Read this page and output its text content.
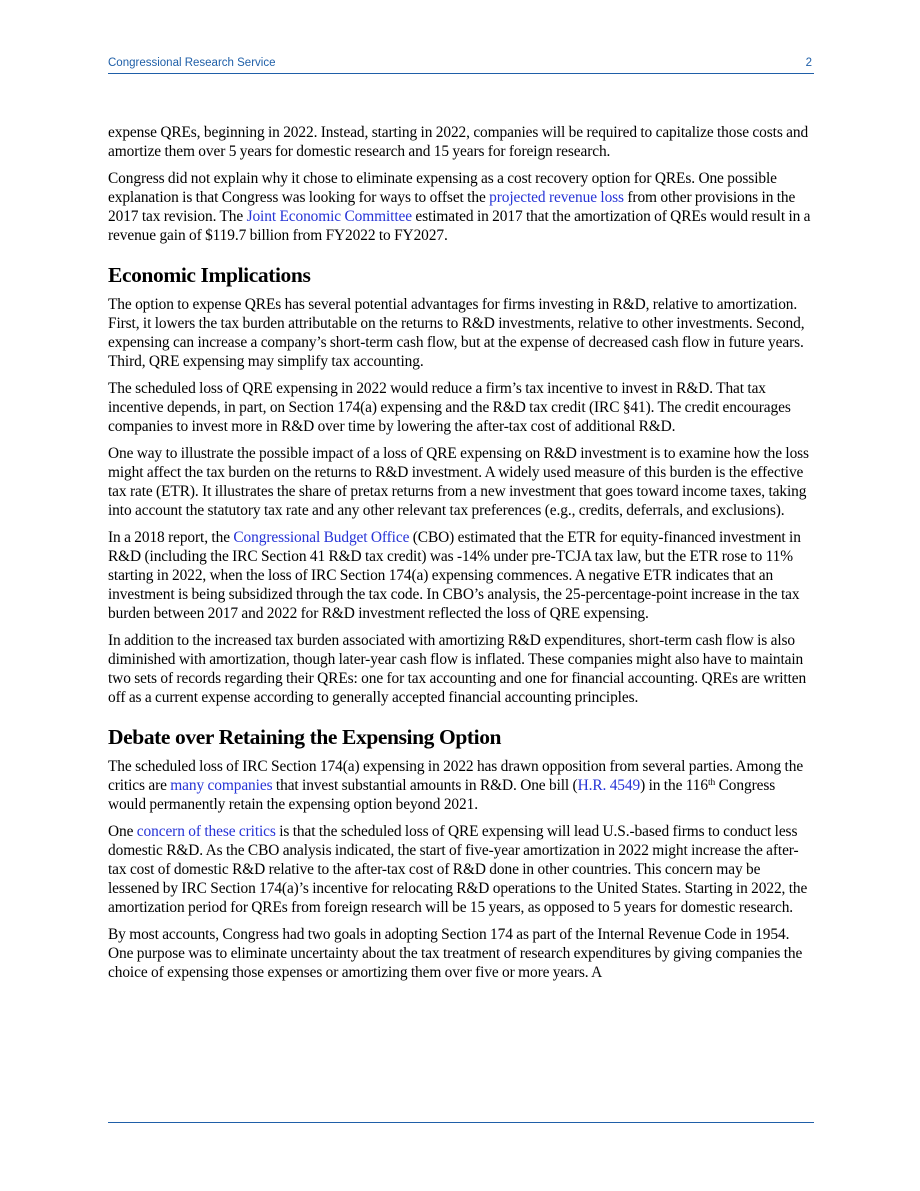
Congressional Research Service	2

expense QREs, beginning in 2022. Instead, starting in 2022, companies will be required to capitalize those costs and amortize them over 5 years for domestic research and 15 years for foreign research.

Congress did not explain why it chose to eliminate expensing as a cost recovery option for QREs. One possible explanation is that Congress was looking for ways to offset the projected revenue loss from other provisions in the 2017 tax revision. The Joint Economic Committee estimated in 2017 that the amortization of QREs would result in a revenue gain of $119.7 billion from FY2022 to FY2027.

Economic Implications

The option to expense QREs has several potential advantages for firms investing in R&D, relative to amortization. First, it lowers the tax burden attributable on the returns to R&D investments, relative to other investments. Second, expensing can increase a company’s short-term cash flow, but at the expense of decreased cash flow in future years. Third, QRE expensing may simplify tax accounting.

The scheduled loss of QRE expensing in 2022 would reduce a firm’s tax incentive to invest in R&D. That tax incentive depends, in part, on Section 174(a) expensing and the R&D tax credit (IRC §41). The credit encourages companies to invest more in R&D over time by lowering the after-tax cost of additional R&D.

One way to illustrate the possible impact of a loss of QRE expensing on R&D investment is to examine how the loss might affect the tax burden on the returns to R&D investment. A widely used measure of this burden is the effective tax rate (ETR). It illustrates the share of pretax returns from a new investment that goes toward income taxes, taking into account the statutory tax rate and any other relevant tax preferences (e.g., credits, deferrals, and exclusions).

In a 2018 report, the Congressional Budget Office (CBO) estimated that the ETR for equity-financed investment in R&D (including the IRC Section 41 R&D tax credit) was -14% under pre-TCJA tax law, but the ETR rose to 11% starting in 2022, when the loss of IRC Section 174(a) expensing commences. A negative ETR indicates that an investment is being subsidized through the tax code. In CBO’s analysis, the 25-percentage-point increase in the tax burden between 2017 and 2022 for R&D investment reflected the loss of QRE expensing.

In addition to the increased tax burden associated with amortizing R&D expenditures, short-term cash flow is also diminished with amortization, though later-year cash flow is inflated. These companies might also have to maintain two sets of records regarding their QREs: one for tax accounting and one for financial accounting. QREs are written off as a current expense according to generally accepted financial accounting principles.

Debate over Retaining the Expensing Option

The scheduled loss of IRC Section 174(a) expensing in 2022 has drawn opposition from several parties. Among the critics are many companies that invest substantial amounts in R&D. One bill (H.R. 4549) in the 116th Congress would permanently retain the expensing option beyond 2021.

One concern of these critics is that the scheduled loss of QRE expensing will lead U.S.-based firms to conduct less domestic R&D. As the CBO analysis indicated, the start of five-year amortization in 2022 might increase the after-tax cost of domestic R&D relative to the after-tax cost of R&D done in other countries. This concern may be lessened by IRC Section 174(a)’s incentive for relocating R&D operations to the United States. Starting in 2022, the amortization period for QREs from foreign research will be 15 years, as opposed to 5 years for domestic research.

By most accounts, Congress had two goals in adopting Section 174 as part of the Internal Revenue Code in 1954. One purpose was to eliminate uncertainty about the tax treatment of research expenditures by giving companies the choice of expensing those expenses or amortizing them over five or more years. A
